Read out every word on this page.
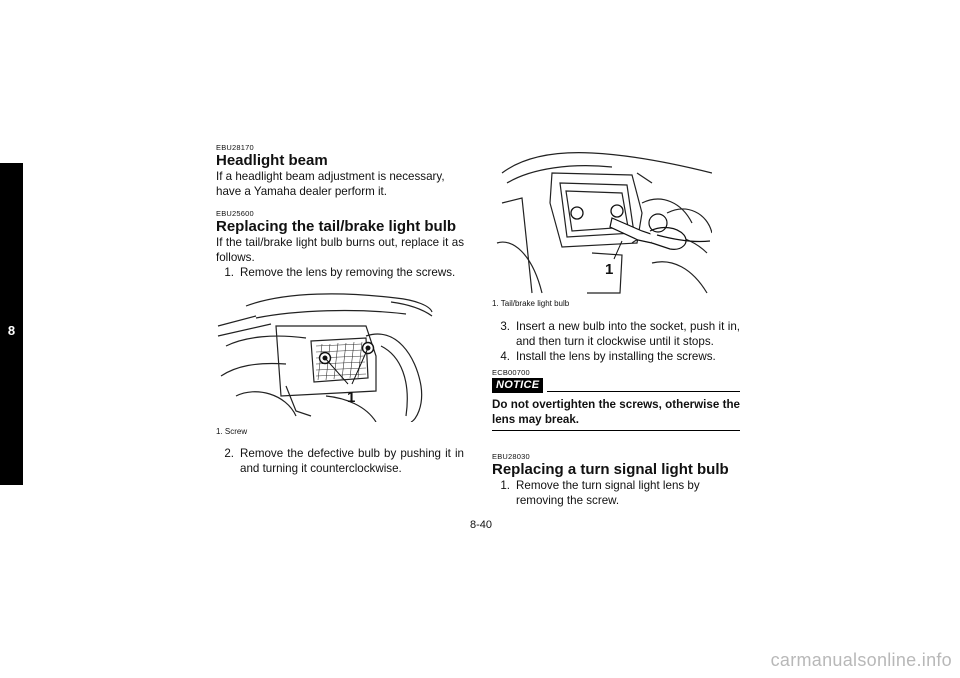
8

EBU28170

Headlight beam

If a headlight beam adjustment is necessary, have a Yamaha dealer perform it.

EBU25600

Replacing the tail/brake light bulb

If the tail/brake light bulb burns out, replace it as follows.

1. Remove the lens by removing the screws.
1

1. Screw

2. Remove the defective bulb by pushing it in and turning it counterclockwise.
1

1. Tail/brake light bulb

3. Insert a new bulb into the socket, push it in, and then turn it clockwise until it stops.
4. Install the lens by installing the screws.

ECB00700

NOTICE

Do not overtighten the screws, otherwise the lens may break.

EBU28030

Replacing a turn signal light bulb
1. Remove the turn signal light lens by removing the screw.
8-40
carmanualsonline.info
